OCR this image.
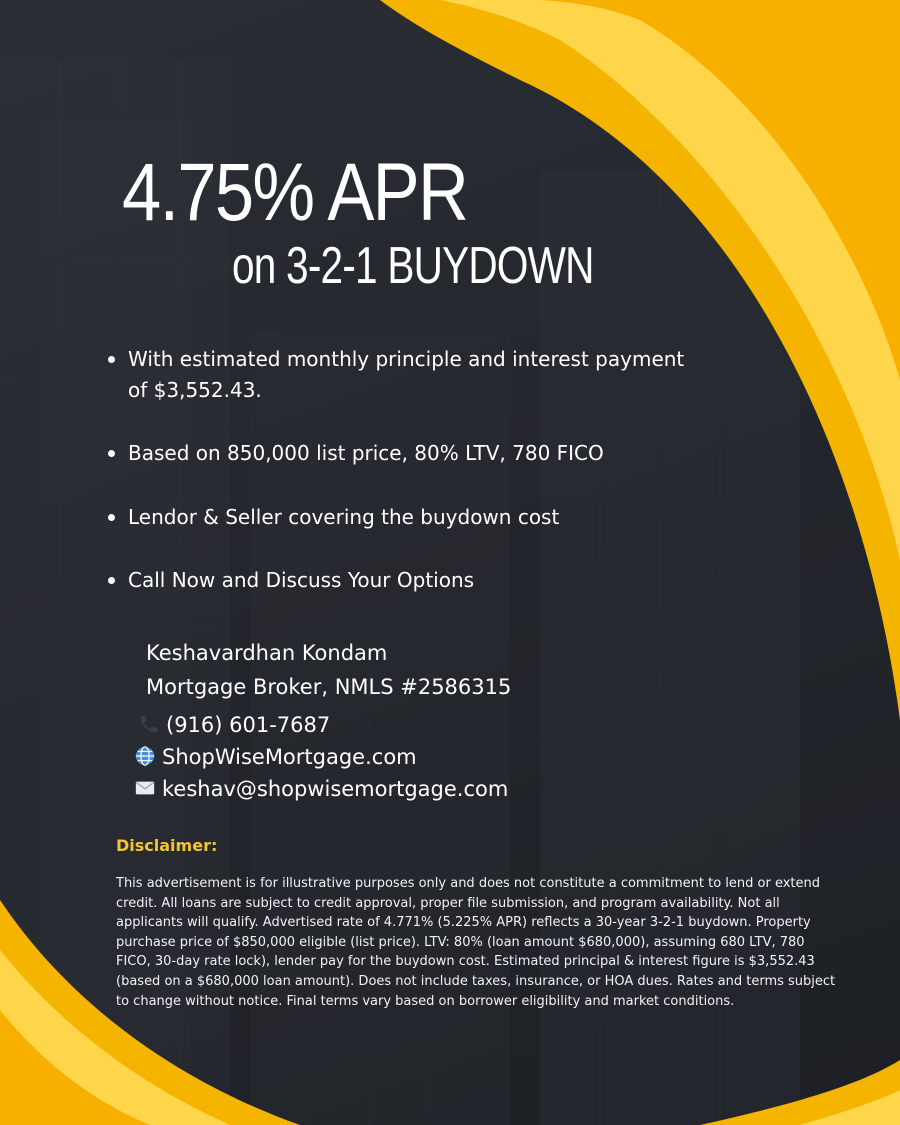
4.75% APR
on 3-2-1 BUYDOWN
With estimated monthly principle and interest payment of $3,552.43.
Based on 850,000 list price, 80% LTV, 780 FICO
Lendor & Seller covering the buydown cost
Call Now and Discuss Your Options
Keshavardhan Kondam
Mortgage Broker, NMLS #2586315
(916) 601-7687
ShopWiseMortgage.com
keshav@shopwisemortgage.com
Disclaimer:

This advertisement is for illustrative purposes only and does not constitute a commitment to lend or extend credit. All loans are subject to credit approval, proper file submission, and program availability. Not all applicants will qualify. Advertised rate of 4.771% (5.225% APR) reflects a 30-year 3-2-1 buydown. Property purchase price of $850,000 eligible (list price). LTV: 80% (loan amount $680,000), assuming 680 LTV, 780 FICO, 30-day rate lock), lender pay for the buydown cost. Estimated principal & interest figure is $3,552.43 (based on a $680,000 loan amount). Does not include taxes, insurance, or HOA dues. Rates and terms subject to change without notice. Final terms vary based on borrower eligibility and market conditions.
